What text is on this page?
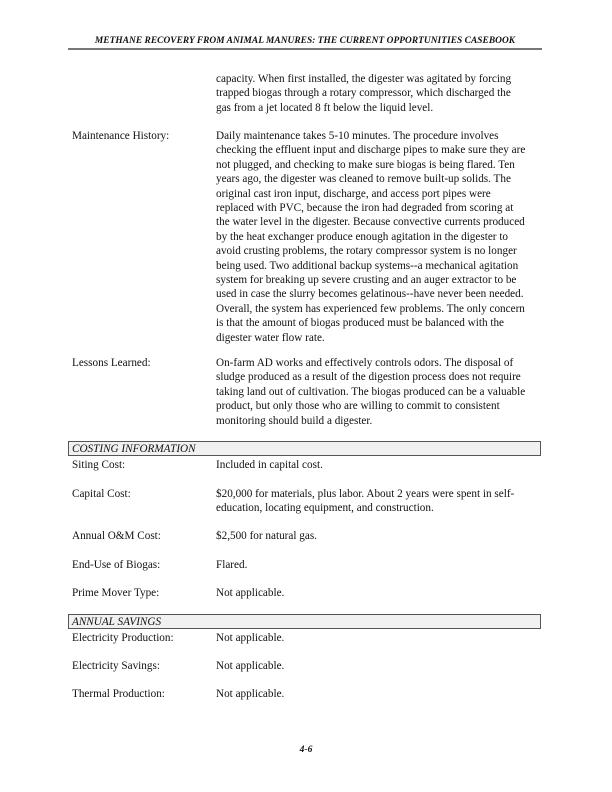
METHANE RECOVERY FROM ANIMAL MANURES: THE CURRENT OPPORTUNITIES CASEBOOK
capacity. When first installed, the digester was agitated by forcing
trapped biogas through a rotary compressor, which discharged the
gas from a jet located 8 ft below the liquid level.
Maintenance History:	Daily maintenance takes 5-10 minutes. The procedure involves
checking the effluent input and discharge pipes to make sure they are
not plugged, and checking to make sure biogas is being flared. Ten
years ago, the digester was cleaned to remove built-up solids. The
original cast iron input, discharge, and access port pipes were
replaced with PVC, because the iron had degraded from scoring at
the water level in the digester. Because convective currents produced
by the heat exchanger produce enough agitation in the digester to
avoid crusting problems, the rotary compressor system is no longer
being used. Two additional backup systems--a mechanical agitation
system for breaking up severe crusting and an auger extractor to be
used in case the slurry becomes gelatinous--have never been needed.
Overall, the system has experienced few problems. The only concern
is that the amount of biogas produced must be balanced with the
digester water flow rate.
Lessons Learned:	On-farm AD works and effectively controls odors. The disposal of
sludge produced as a result of the digestion process does not require
taking land out of cultivation. The biogas produced can be a valuable
product, but only those who are willing to commit to consistent
monitoring should build a digester.
COSTING INFORMATION
Siting Cost:	Included in capital cost.
Capital Cost:	$20,000 for materials, plus labor. About 2 years were spent in self-
education, locating equipment, and construction.
Annual O&M Cost:	$2,500 for natural gas.
End-Use of Biogas:	Flared.
Prime Mover Type:	Not applicable.
ANNUAL SAVINGS
Electricity Production:	Not applicable.
Electricity Savings:	Not applicable.
Thermal Production:	Not applicable.
4-6
